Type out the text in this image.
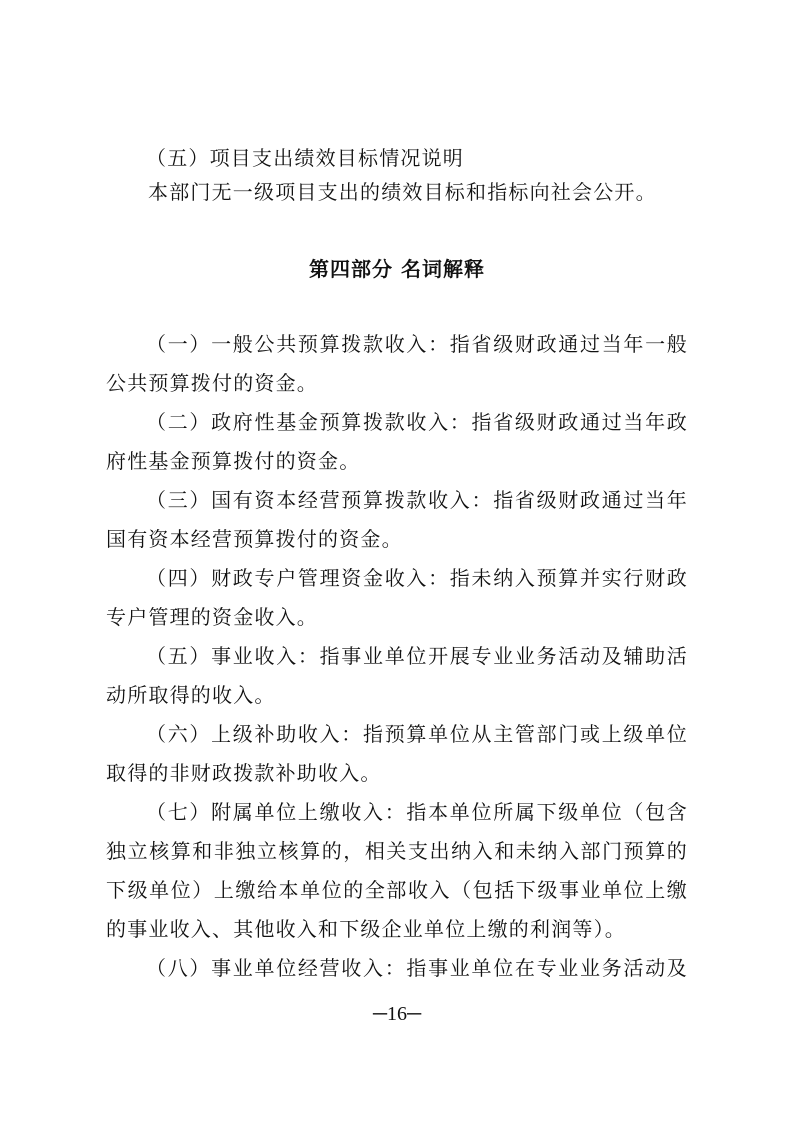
（五）项目支出绩效目标情况说明
本部门无一级项目支出的绩效目标和指标向社会公开。
第四部分 名词解释
（一）一般公共预算拨款收入：指省级财政通过当年一般
公共预算拨付的资金。
（二）政府性基金预算拨款收入：指省级财政通过当年政
府性基金预算拨付的资金。
（三）国有资本经营预算拨款收入：指省级财政通过当年
国有资本经营预算拨付的资金。
（四）财政专户管理资金收入：指未纳入预算并实行财政
专户管理的资金收入。
（五）事业收入：指事业单位开展专业业务活动及辅助活
动所取得的收入。
（六）上级补助收入：指预算单位从主管部门或上级单位
取得的非财政拨款补助收入。
（七）附属单位上缴收入：指本单位所属下级单位（包含
独立核算和非独立核算的，相关支出纳入和未纳入部门预算的
下级单位）上缴给本单位的全部收入（包括下级事业单位上缴
的事业收入、其他收入和下级企业单位上缴的利润等）。
（八）事业单位经营收入：指事业单位在专业业务活动及
─16─
